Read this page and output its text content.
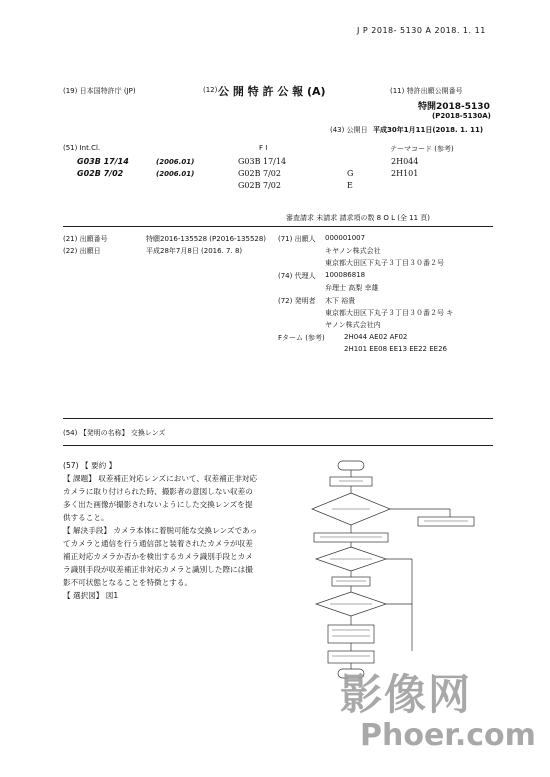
J P 2018- 5130 A 2018. 1. 11
(19) 日本国特許庁 (JP)	(12) 公 開 特 許 公 報 (A)	(11) 特許出願公開番号
特開2018-5130
(P2018-5130A)
(43) 公開日 平成30年1月11日(2018. 1. 11)
(51) Int.Cl.	F I	テーマコード (参考)
G03B 17/14	(2006.01)	G03B 17/14	2H044
G02B 7/02	(2006.01)	G02B 7/02	G	2H101
G02B 7/02	E
審査請求 未請求 請求項の数 8 O L (全 11 頁)
(21) 出願番号	特願2016-135528 (P2016-135528)
(22) 出願日	平成28年7月8日 (2016. 7. 8)
(71) 出願人 000001007
キヤノン株式会社
東京都大田区下丸子３丁目３０番２号
(74) 代理人 100086818
弁理士 高梨 幸雄
(72) 発明者 木下 裕貴
東京都大田区下丸子３丁目３０番２号 キ
ヤノン株式会社内
Fターム (参考)	2H044 AE02 AF02
2H101 EE08 EE13 EE22 EE26
(54) 【発明の名称】 交換レンズ
(57) 【 要約 】
【 課題】 収差補正対応レンズにおいて、収差補正非対応
カメラに取り付けられた時、撮影者の意図しない収差の
多く出た画像が撮影されないようにした交換レンズを提
供すること。
【 解決手段】 カメラ本体に着脱可能な交換レンズであっ
てカメラと通信を行う通信部と装着されたカメラが収差
補正対応カメラか否かを検出するカメラ識別手段とカメ
ラ識別手段が収差補正非対応カメラと識別した際には撮
影不可状態となることを特徴とする。
【 選択図】 図1
影像网
Phoer.com
